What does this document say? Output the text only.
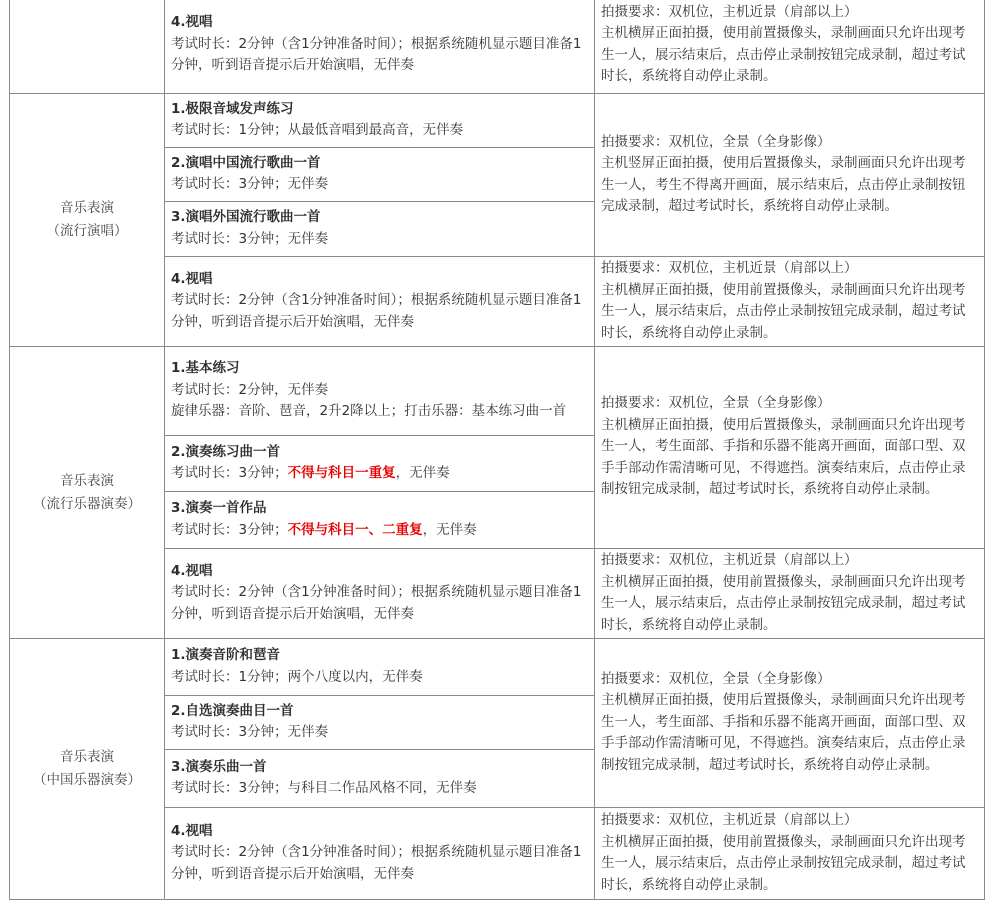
	4.视唱
考试时长：2分钟（含1分钟准备时间）；根据系统随机显示题目准备1分钟，听到语音提示后开始演唱，无伴奏	拍摄要求：双机位，主机近景（肩部以上）
主机横屏正面拍摄，使用前置摄像头，录制画面只允许出现考生一人，展示结束后，点击停止录制按钮完成录制，超过考试时长，系统将自动停止录制。

音乐表演
（流行演唱）	1.极限音域发声练习
考试时长：1分钟；从最低音唱到最高音，无伴奏	拍摄要求：双机位，全景（全身影像）
主机竖屏正面拍摄，使用后置摄像头，录制画面只允许出现考生一人，考生不得离开画面，展示结束后，点击停止录制按钮完成录制，超过考试时长，系统将自动停止录制。

	2.演唱中国流行歌曲一首
考试时长：3分钟；无伴奏	

	3.演唱外国流行歌曲一首
考试时长：3分钟；无伴奏	

	4.视唱
考试时长：2分钟（含1分钟准备时间）；根据系统随机显示题目准备1分钟，听到语音提示后开始演唱，无伴奏	拍摄要求：双机位，主机近景（肩部以上）
主机横屏正面拍摄，使用前置摄像头，录制画面只允许出现考生一人，展示结束后，点击停止录制按钮完成录制，超过考试时长，系统将自动停止录制。

音乐表演
（流行乐器演奏）	1.基本练习
考试时长：2分钟，无伴奏
旋律乐器：音阶、琶音，2升2降以上；打击乐器：基本练习曲一首	拍摄要求：双机位，全景（全身影像）
主机横屏正面拍摄，使用后置摄像头，录制画面只允许出现考生一人，考生面部、手指和乐器不能离开画面，面部口型、双手手部动作需清晰可见，不得遮挡。演奏结束后，点击停止录制按钮完成录制，超过考试时长，系统将自动停止录制。

	2.演奏练习曲一首
考试时长：3分钟；不得与科目一重复，无伴奏	

	3.演奏一首作品
考试时长：3分钟；不得与科目一、二重复，无伴奏	

	4.视唱
考试时长：2分钟（含1分钟准备时间）；根据系统随机显示题目准备1分钟，听到语音提示后开始演唱，无伴奏	拍摄要求：双机位，主机近景（肩部以上）
主机横屏正面拍摄，使用前置摄像头，录制画面只允许出现考生一人，展示结束后，点击停止录制按钮完成录制，超过考试时长，系统将自动停止录制。

音乐表演
（中国乐器演奏）	1.演奏音阶和琶音
考试时长：1分钟；两个八度以内，无伴奏	拍摄要求：双机位，全景（全身影像）
主机横屏正面拍摄，使用后置摄像头，录制画面只允许出现考生一人，考生面部、手指和乐器不能离开画面，面部口型、双手手部动作需清晰可见，不得遮挡。演奏结束后，点击停止录制按钮完成录制，超过考试时长，系统将自动停止录制。

	2.自选演奏曲目一首
考试时长：3分钟；无伴奏	

	3.演奏乐曲一首
考试时长：3分钟；与科目二作品风格不同，无伴奏	

	4.视唱
考试时长：2分钟（含1分钟准备时间）；根据系统随机显示题目准备1分钟，听到语音提示后开始演唱，无伴奏	拍摄要求：双机位，主机近景（肩部以上）
主机横屏正面拍摄，使用前置摄像头，录制画面只允许出现考生一人，展示结束后，点击停止录制按钮完成录制，超过考试时长，系统将自动停止录制。
